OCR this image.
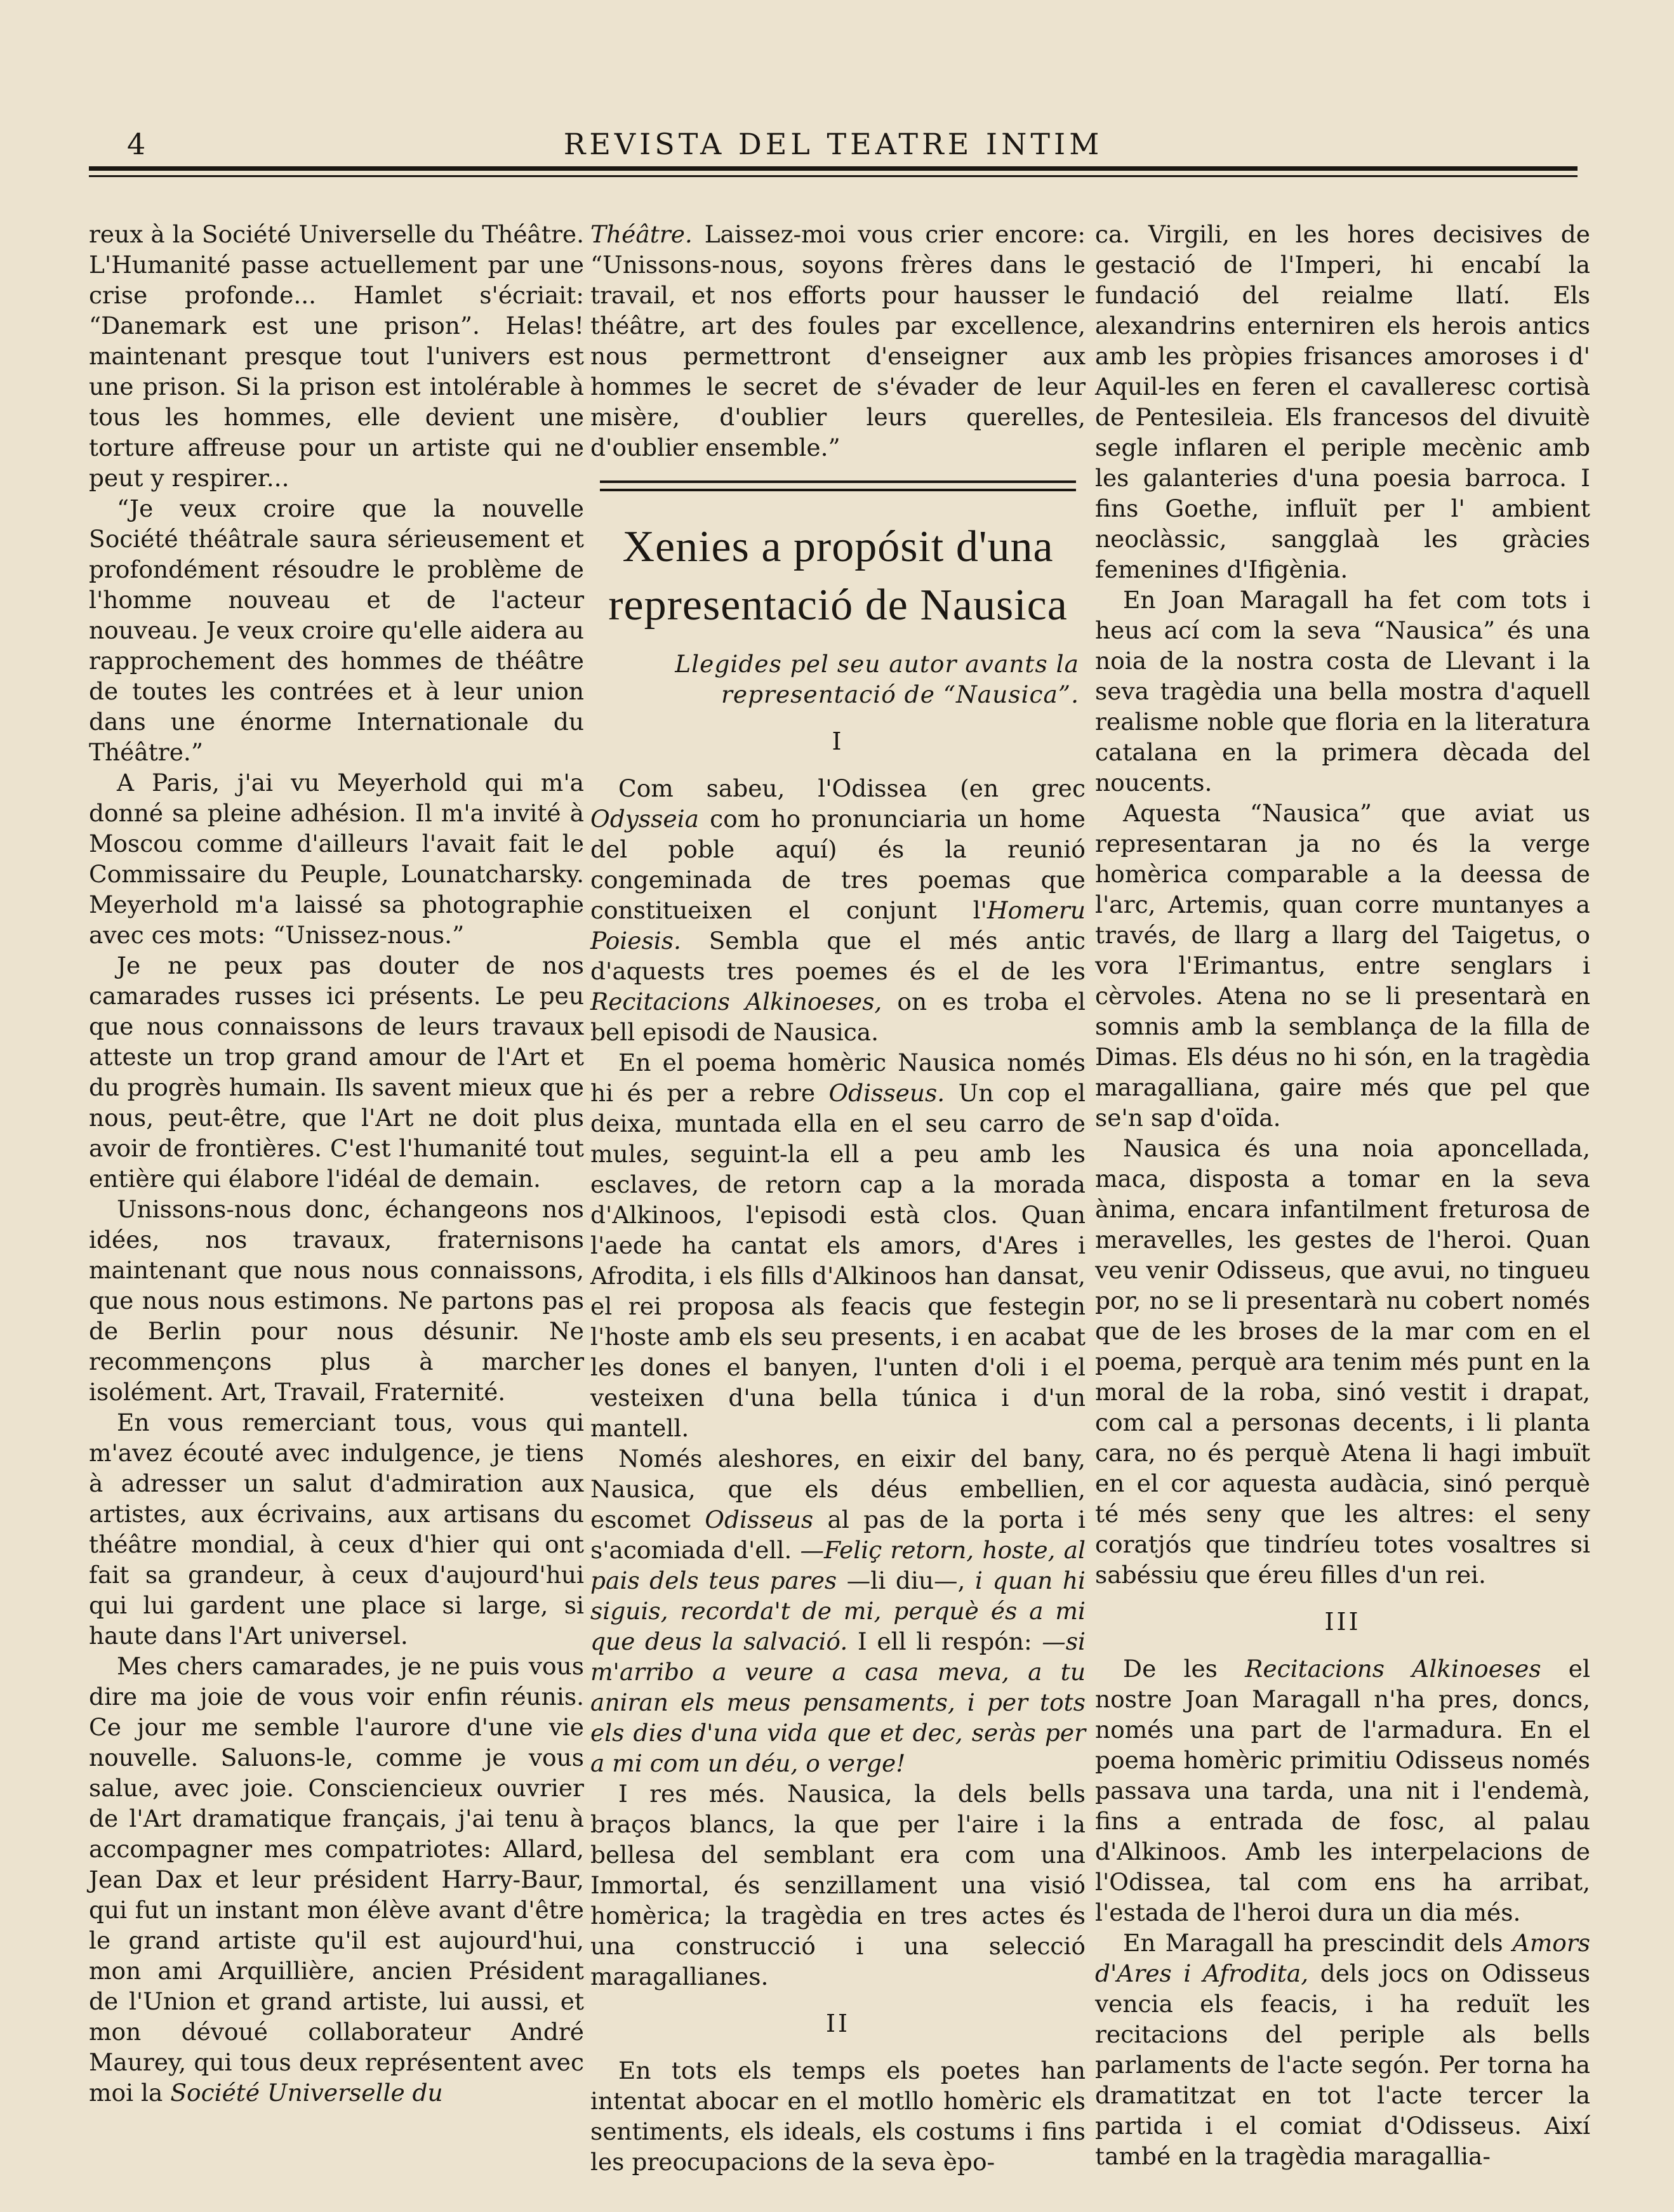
4	REVISTA DEL TEATRE INTIM

reux à la Société Universelle du Théâtre. L'Humanité passe actuellement par une crise profonde... Hamlet s'écriait: “Danemark est une prison”. Helas! maintenant presque tout l'univers est une prison. Si la prison est intolérable à tous les hommes, elle devient une torture affreuse pour un artiste qui ne peut y respirer...

“Je veux croire que la nouvelle Société théâtrale saura sérieusement et profondément résoudre le problème de l'homme nouveau et de l'acteur nouveau. Je veux croire qu'elle aidera au rapprochement des hommes de théâtre de toutes les contrées et à leur union dans une énorme Internationale du Théâtre.”

A Paris, j'ai vu Meyerhold qui m'a donné sa pleine adhésion. Il m'a invité à Moscou comme d'ailleurs l'avait fait le Commissaire du Peuple, Lounatcharsky. Meyerhold m'a laissé sa photographie avec ces mots: “Unissez-nous.”

Je ne peux pas douter de nos camarades russes ici présents. Le peu que nous connaissons de leurs travaux atteste un trop grand amour de l'Art et du progrès humain. Ils savent mieux que nous, peut-être, que l'Art ne doit plus avoir de frontières. C'est l'humanité tout entière qui élabore l'idéal de demain.

Unissons-nous donc, échangeons nos idées, nos travaux, fraternisons maintenant que nous nous connaissons, que nous nous estimons. Ne partons pas de Berlin pour nous désunir. Ne recommençons plus à marcher isolément. Art, Travail, Fraternité.

En vous remerciant tous, vous qui m'avez écouté avec indulgence, je tiens à adresser un salut d'admiration aux artistes, aux écrivains, aux artisans du théâtre mondial, à ceux d'hier qui ont fait sa grandeur, à ceux d'aujourd'hui qui lui gardent une place si large, si haute dans l'Art universel.

Mes chers camarades, je ne puis vous dire ma joie de vous voir enfin réunis. Ce jour me semble l'aurore d'une vie nouvelle. Saluons-le, comme je vous salue, avec joie. Consciencieux ouvrier de l'Art dramatique français, j'ai tenu à accompagner mes compatriotes: Allard, Jean Dax et leur président Harry-Baur, qui fut un instant mon élève avant d'être le grand artiste qu'il est aujourd'hui, mon ami Arquillière, ancien Président de l'Union et grand artiste, lui aussi, et mon dévoué collaborateur André Maurey, qui tous deux représentent avec moi la Société Universelle du

Théâtre. Laissez-moi vous crier encore: “Unissons-nous, soyons frères dans le travail, et nos efforts pour hausser le théâtre, art des foules par excellence, nous permettront d'enseigner aux hommes le secret de s'évader de leur misère, d'oublier leurs querelles, d'oublier ensemble.”

Xenies a propósit d'una representació de Nausica
Llegides pel seu autor avants la representació de “Nausica”.

I

Com sabeu, l'Odissea (en grec Odysseia com ho pronunciaria un home del poble aquí) és la reunió congeminada de tres poemas que constitueixen el conjunt l'Homeru Poiesis. Sembla que el més antic d'aquests tres poemes és el de les Recitacions Alkinoeses, on es troba el bell episodi de Nausica.

En el poema homèric Nausica només hi és per a rebre Odisseus. Un cop el deixa, muntada ella en el seu carro de mules, seguint-la ell a peu amb les esclaves, de retorn cap a la morada d'Alkinoos, l'episodi està clos. Quan l'aede ha cantat els amors, d'Ares i Afrodita, i els fills d'Alkinoos han dansat, el rei proposa als feacis que festegin l'hoste amb els seu presents, i en acabat les dones el banyen, l'unten d'oli i el vesteixen d'una bella túnica i d'un mantell.

Només aleshores, en eixir del bany, Nausica, que els déus embellien, escomet Odisseus al pas de la porta i s'acomiada d'ell. —Feliç retorn, hoste, al pais dels teus pares —li diu—, i quan hi siguis, recorda't de mi, perquè és a mi que deus la salvació. I ell li respón: —si m'arribo a veure a casa meva, a tu aniran els meus pensaments, i per tots els dies d'una vida que et dec, seràs per a mi com un déu, o verge!

I res més. Nausica, la dels bells braços blancs, la que per l'aire i la bellesa del semblant era com una Immortal, és senzillament una visió homèrica; la tragèdia en tres actes és una construcció i una selecció maragallianes.

II

En tots els temps els poetes han intentat abocar en el motllo homèric els sentiments, els ideals, els costums i fins les preocupacions de la seva èpo-

ca. Virgili, en les hores decisives de gestació de l'Imperi, hi encabí la fundació del reialme llatí. Els alexandrins enterniren els herois antics amb les pròpies frisances amoroses i d' Aquil-les en feren el cavalleresc cortisà de Pentesileia. Els francesos del divuitè segle inflaren el periple mecènic amb les galanteries d'una poesia barroca. I fins Goethe, influït per l' ambient neoclàssic, sangglaà les gràcies femenines d'Ifigènia.

En Joan Maragall ha fet com tots i heus ací com la seva “Nausica” és una noia de la nostra costa de Llevant i la seva tragèdia una bella mostra d'aquell realisme noble que floria en la literatura catalana en la primera dècada del noucents.

Aquesta “Nausica” que aviat us representaran ja no és la verge homèrica comparable a la deessa de l'arc, Artemis, quan corre muntanyes a través, de llarg a llarg del Taigetus, o vora l'Erimantus, entre senglars i cèrvoles. Atena no se li presentarà en somnis amb la semblança de la filla de Dimas. Els déus no hi són, en la tragèdia maragalliana, gaire més que pel que se'n sap d'oïda.

Nausica és una noia aponcellada, maca, disposta a tomar en la seva ànima, encara infantilment freturosa de meravelles, les gestes de l'heroi. Quan veu venir Odisseus, que avui, no tingueu por, no se li presentarà nu cobert només que de les broses de la mar com en el poema, perquè ara tenim més punt en la moral de la roba, sinó vestit i drapat, com cal a personas decents, i li planta cara, no és perquè Atena li hagi imbuït en el cor aquesta audàcia, sinó perquè té més seny que les altres: el seny coratjós que tindríeu totes vosaltres si sabéssiu que éreu filles d'un rei.

III

De les Recitacions Alkinoeses el nostre Joan Maragall n'ha pres, doncs, només una part de l'armadura. En el poema homèric primitiu Odisseus només passava una tarda, una nit i l'endemà, fins a entrada de fosc, al palau d'Alkinoos. Amb les interpelacions de l'Odissea, tal com ens ha arribat, l'estada de l'heroi dura un dia més.

En Maragall ha prescindit dels Amors d'Ares i Afrodita, dels jocs on Odisseus vencia els feacis, i ha reduït les recitacions del periple als bells parlaments de l'acte segón. Per torna ha dramatitzat en tot l'acte tercer la partida i el comiat d'Odisseus. Així també en la tragèdia maragallia-
